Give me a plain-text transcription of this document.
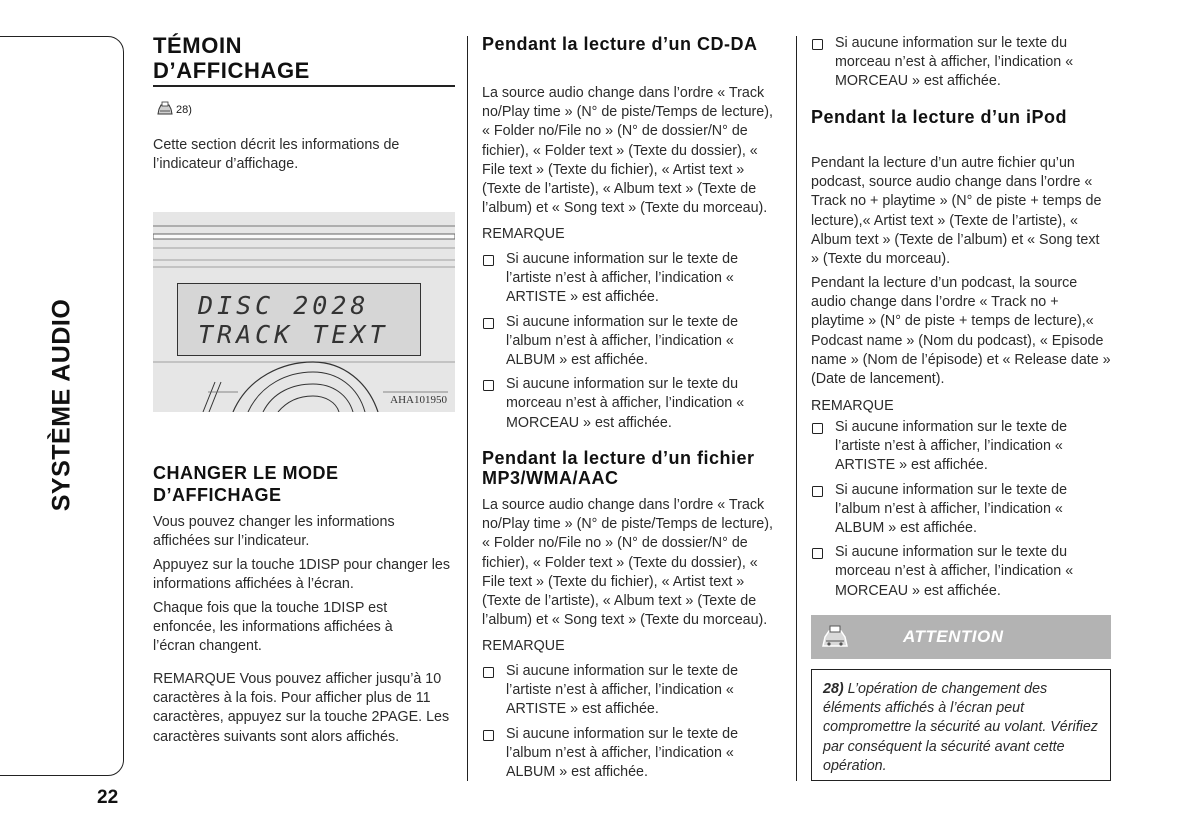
SYSTÈME AUDIO
22
TÉMOIN
D’AFFICHAGE
28)

Cette section décrit les informations de l’indicateur d’affichage.

CHANGER LE MODE
D’AFFICHAGE

Vous pouvez changer les informations affichées sur l’indicateur.

Appuyez sur la touche 1DISP pour changer les informations affichées à l’écran.

Chaque fois que la touche 1DISP est enfoncée, les informations affichées à l’écran changent.

REMARQUE Vous pouvez afficher jusqu’à 10 caractères à la fois. Pour afficher plus de 11 caractères, appuyez sur la touche 2PAGE. Les caractères suivants sont alors affichés.

DISC 2028
TRACK TEXT
AHA101950
Pendant la lecture d’un CD-DA

La source audio change dans l’ordre « Track no/Play time » (N° de piste/Temps de lecture), « Folder no/File no » (N° de dossier/N° de fichier), « Folder text » (Texte du dossier), « File text » (Texte du fichier), « Artist text » (Texte de l’artiste), « Album text » (Texte de l’album) et « Song text » (Texte du morceau).

REMARQUE
Si aucune information sur le texte de l’artiste n’est à afficher, l’indication « ARTISTE » est affichée.
Si aucune information sur le texte de l’album n’est à afficher, l’indication « ALBUM » est affichée.
Si aucune information sur le texte du morceau n’est à afficher, l’indication « MORCEAU » est affichée.
Pendant la lecture d’un fichier MP3/WMA/AAC

La source audio change dans l’ordre « Track no/Play time » (N° de piste/Temps de lecture), « Folder no/File no » (N° de dossier/N° de fichier), « Folder text » (Texte du dossier), « File text » (Texte du fichier), « Artist text » (Texte de l’artiste), « Album text » (Texte de l’album) et « Song text » (Texte du morceau).

REMARQUE
Si aucune information sur le texte de l’artiste n’est à afficher, l’indication « ARTISTE » est affichée.
Si aucune information sur le texte de l’album n’est à afficher, l’indication « ALBUM » est affichée.
Si aucune information sur le texte du morceau n’est à afficher, l’indication « MORCEAU » est affichée.
Pendant la lecture d’un iPod

Pendant la lecture d’un autre fichier qu’un podcast, source audio change dans l’ordre « Track no + playtime » (N° de piste + temps de lecture),« Artist text » (Texte de l’artiste), « Album text » (Texte de l’album) et « Song text » (Texte du morceau).

Pendant la lecture d’un podcast, la source audio change dans l’ordre « Track no + playtime » (N° de piste + temps de lecture),« Podcast name » (Nom du podcast), « Episode name » (Nom de l’épisode) et « Release date » (Date de lancement).

REMARQUE
Si aucune information sur le texte de l’artiste n’est à afficher, l’indication « ARTISTE » est affichée.
Si aucune information sur le texte de l’album n’est à afficher, l’indication « ALBUM » est affichée.
Si aucune information sur le texte du morceau n’est à afficher, l’indication « MORCEAU » est affichée.
ATTENTION
28) L’opération de changement des éléments affichés à l’écran peut compromettre la sécurité au volant. Vérifiez par conséquent la sécurité avant cette opération.
